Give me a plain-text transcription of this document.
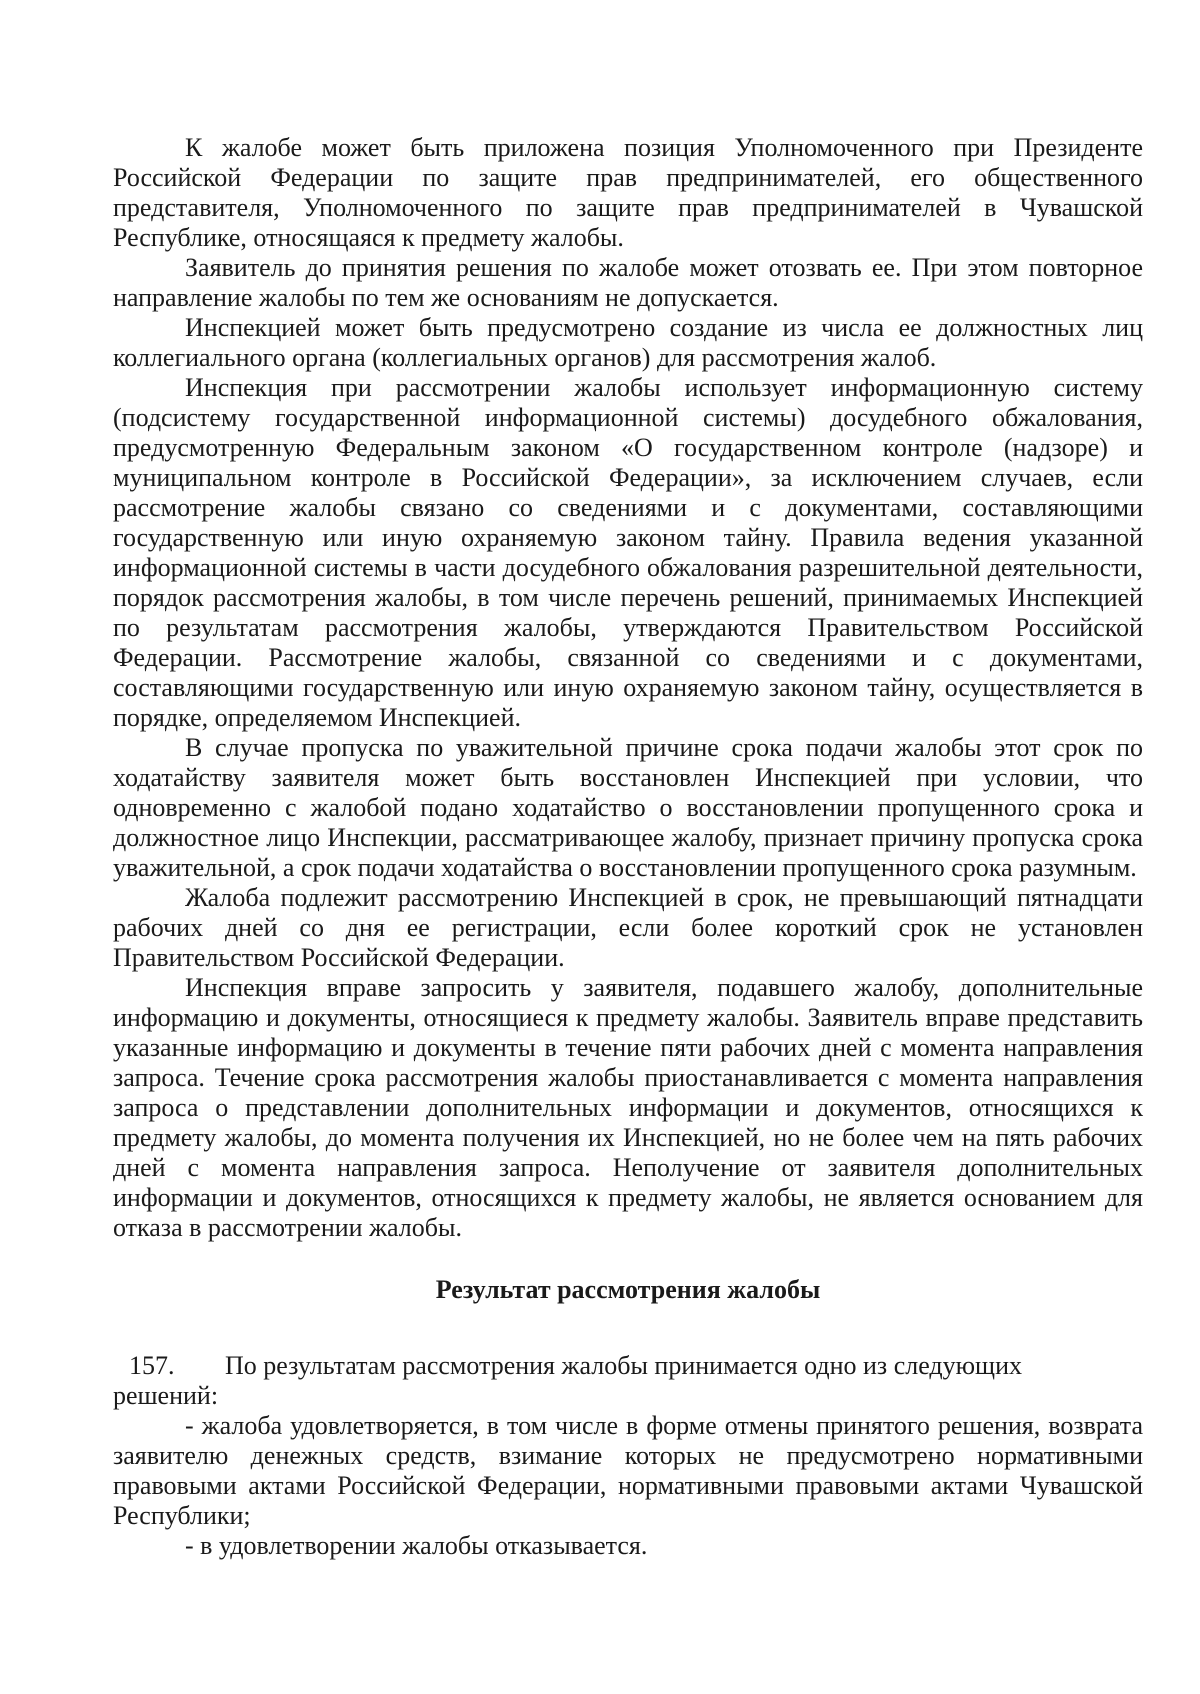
К жалобе может быть приложена позиция Уполномоченного при Президенте Российской Федерации по защите прав предпринимателей, его общественного представителя, Уполномоченного по защите прав предпринимателей в Чувашской Республике, относящаяся к предмету жалобы.

Заявитель до принятия решения по жалобе может отозвать ее. При этом повторное направление жалобы по тем же основаниям не допускается.

Инспекцией может быть предусмотрено создание из числа ее должностных лиц коллегиального органа (коллегиальных органов) для рассмотрения жалоб.

Инспекция при рассмотрении жалобы использует информационную систему (подсистему государственной информационной системы) досудебного обжалования, предусмотренную Федеральным законом «О государственном контроле (надзоре) и муниципальном контроле в Российской Федерации», за исключением случаев, если рассмотрение жалобы связано со сведениями и с документами, составляющими государственную или иную охраняемую законом тайну. Правила ведения указанной информационной системы в части досудебного обжалования разрешительной деятельности, порядок рассмотрения жалобы, в том числе перечень решений, принимаемых Инспекцией по результатам рассмотрения жалобы, утверждаются Правительством Российской Федерации. Рассмотрение жалобы, связанной со сведениями и с документами, составляющими государственную или иную охраняемую законом тайну, осуществляется в порядке, определяемом Инспекцией.

В случае пропуска по уважительной причине срока подачи жалобы этот срок по ходатайству заявителя может быть восстановлен Инспекцией при условии, что одновременно с жалобой подано ходатайство о восстановлении пропущенного срока и должностное лицо Инспекции, рассматривающее жалобу, признает причину пропуска срока уважительной, а срок подачи ходатайства о восстановлении пропущенного срока разумным.

Жалоба подлежит рассмотрению Инспекцией в срок, не превышающий пятнадцати рабочих дней со дня ее регистрации, если более короткий срок не установлен Правительством Российской Федерации.

Инспекция вправе запросить у заявителя, подавшего жалобу, дополнительные информацию и документы, относящиеся к предмету жалобы. Заявитель вправе представить указанные информацию и документы в течение пяти рабочих дней с момента направления запроса. Течение срока рассмотрения жалобы приостанавливается с момента направления запроса о представлении дополнительных информации и документов, относящихся к предмету жалобы, до момента получения их Инспекцией, но не более чем на пять рабочих дней с момента направления запроса. Неполучение от заявителя дополнительных информации и документов, относящихся к предмету жалобы, не является основанием для отказа в рассмотрении жалобы.

Результат рассмотрения жалобы

157.	По результатам рассмотрения жалобы принимается одно из следующих

решений:

- жалоба удовлетворяется, в том числе в форме отмены принятого решения, возврата заявителю денежных средств, взимание которых не предусмотрено нормативными правовыми актами Российской Федерации, нормативными правовыми актами Чувашской Республики;

- в удовлетворении жалобы отказывается.
